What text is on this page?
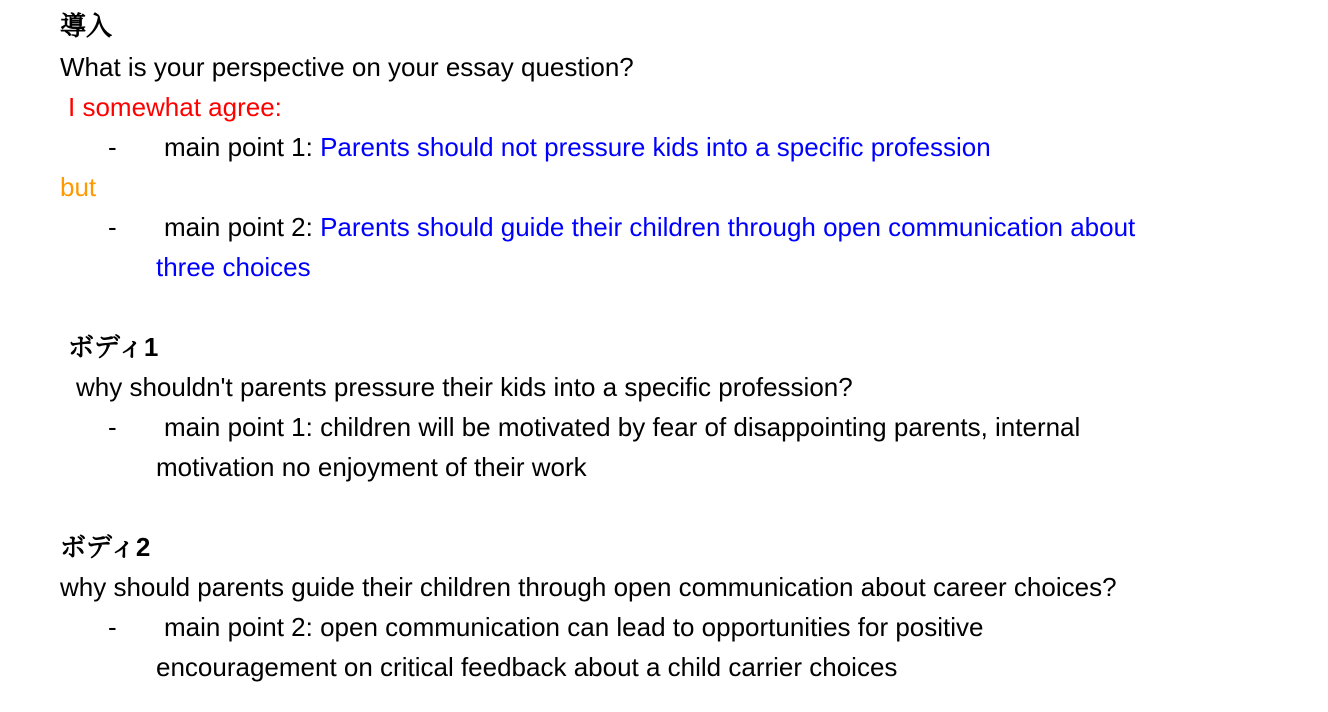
導入
What is your perspective on your essay question?
I somewhat agree:
- main point 1: Parents should not pressure kids into a specific profession
but
- main point 2: Parents should guide their children through open communication about
three choices
ボディ1
why shouldn't parents pressure their kids into a specific profession?
- main point 1: children will be motivated by fear of disappointing parents, internal
motivation no enjoyment of their work
ボディ2
why should parents guide their children through open communication about career choices?
- main point 2: open communication can lead to opportunities for positive
encouragement on critical feedback about a child carrier choices
